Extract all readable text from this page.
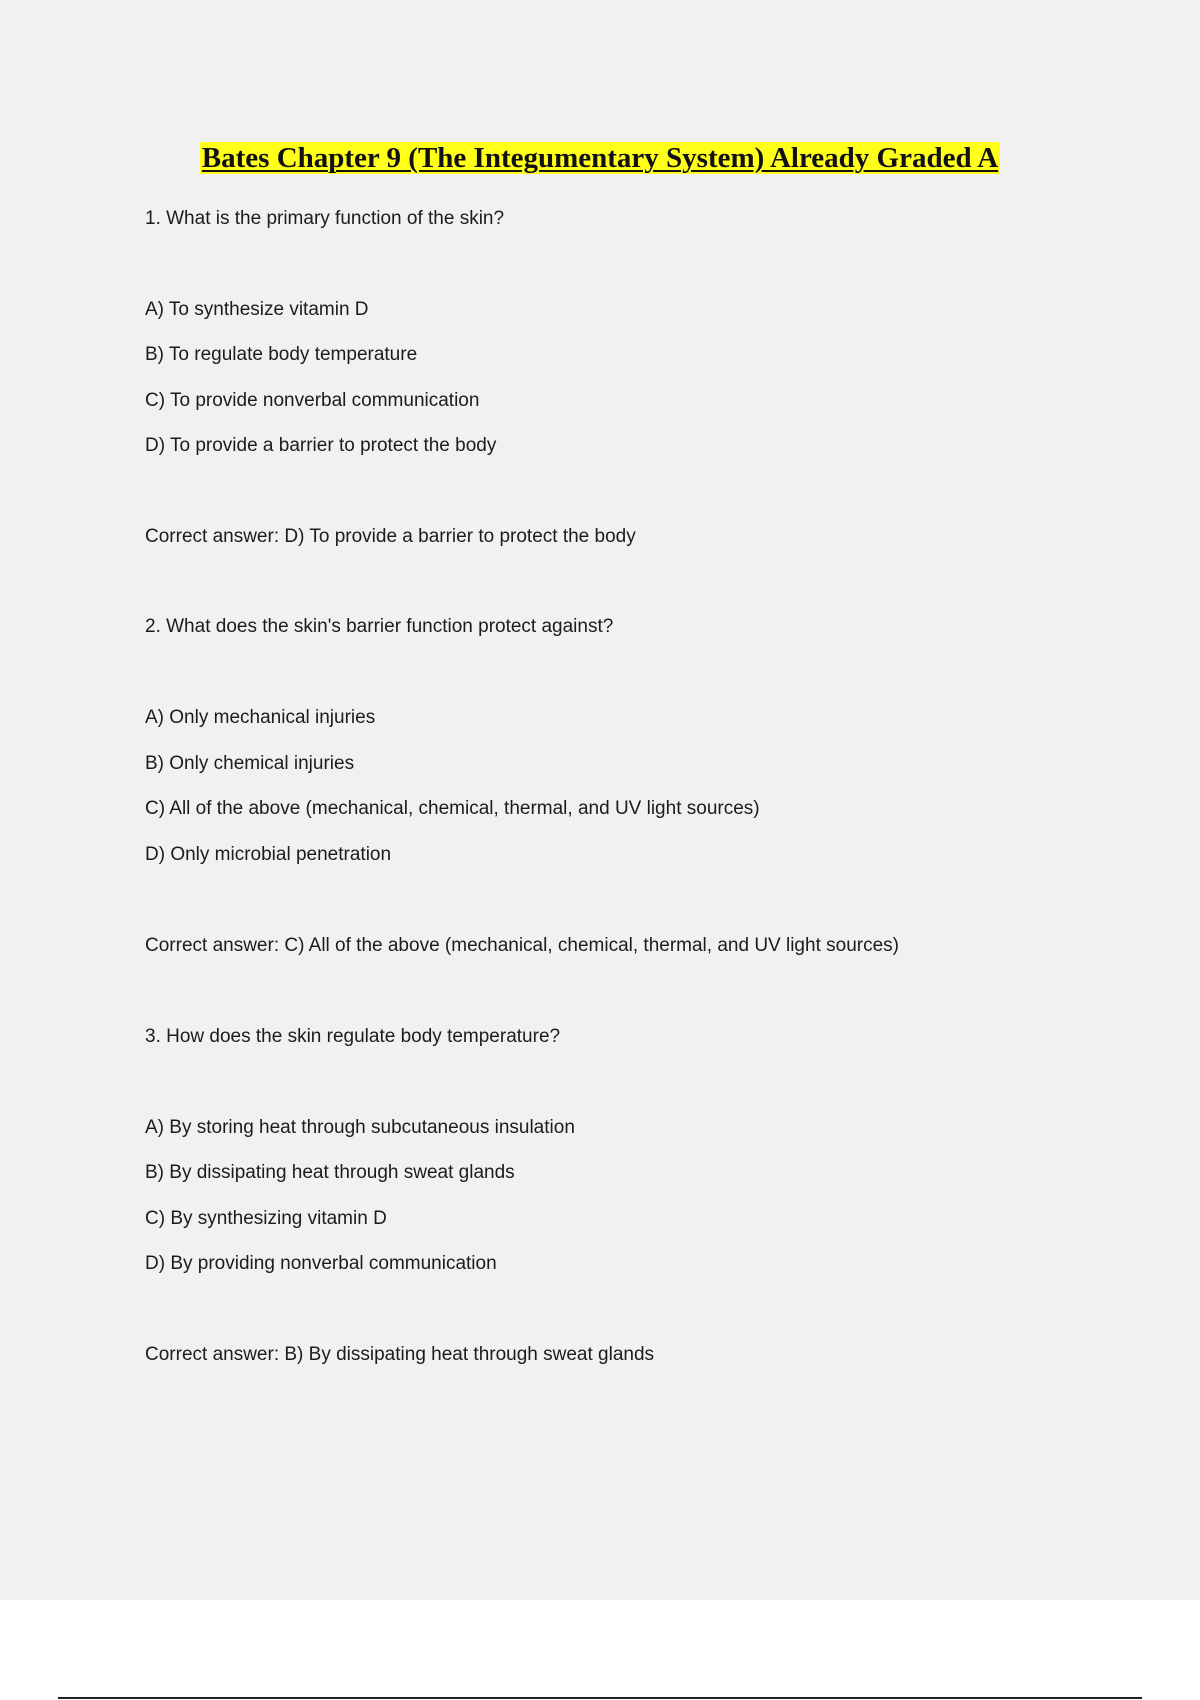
Bates Chapter 9 (The Integumentary System) Already Graded A
1. What is the primary function of the skin?
A) To synthesize vitamin D
B) To regulate body temperature
C) To provide nonverbal communication
D) To provide a barrier to protect the body
Correct answer: D) To provide a barrier to protect the body
2. What does the skin's barrier function protect against?
A) Only mechanical injuries
B) Only chemical injuries
C) All of the above (mechanical, chemical, thermal, and UV light sources)
D) Only microbial penetration
Correct answer: C) All of the above (mechanical, chemical, thermal, and UV light sources)
3. How does the skin regulate body temperature?
A) By storing heat through subcutaneous insulation
B) By dissipating heat through sweat glands
C) By synthesizing vitamin D
D) By providing nonverbal communication
Correct answer: B) By dissipating heat through sweat glands
